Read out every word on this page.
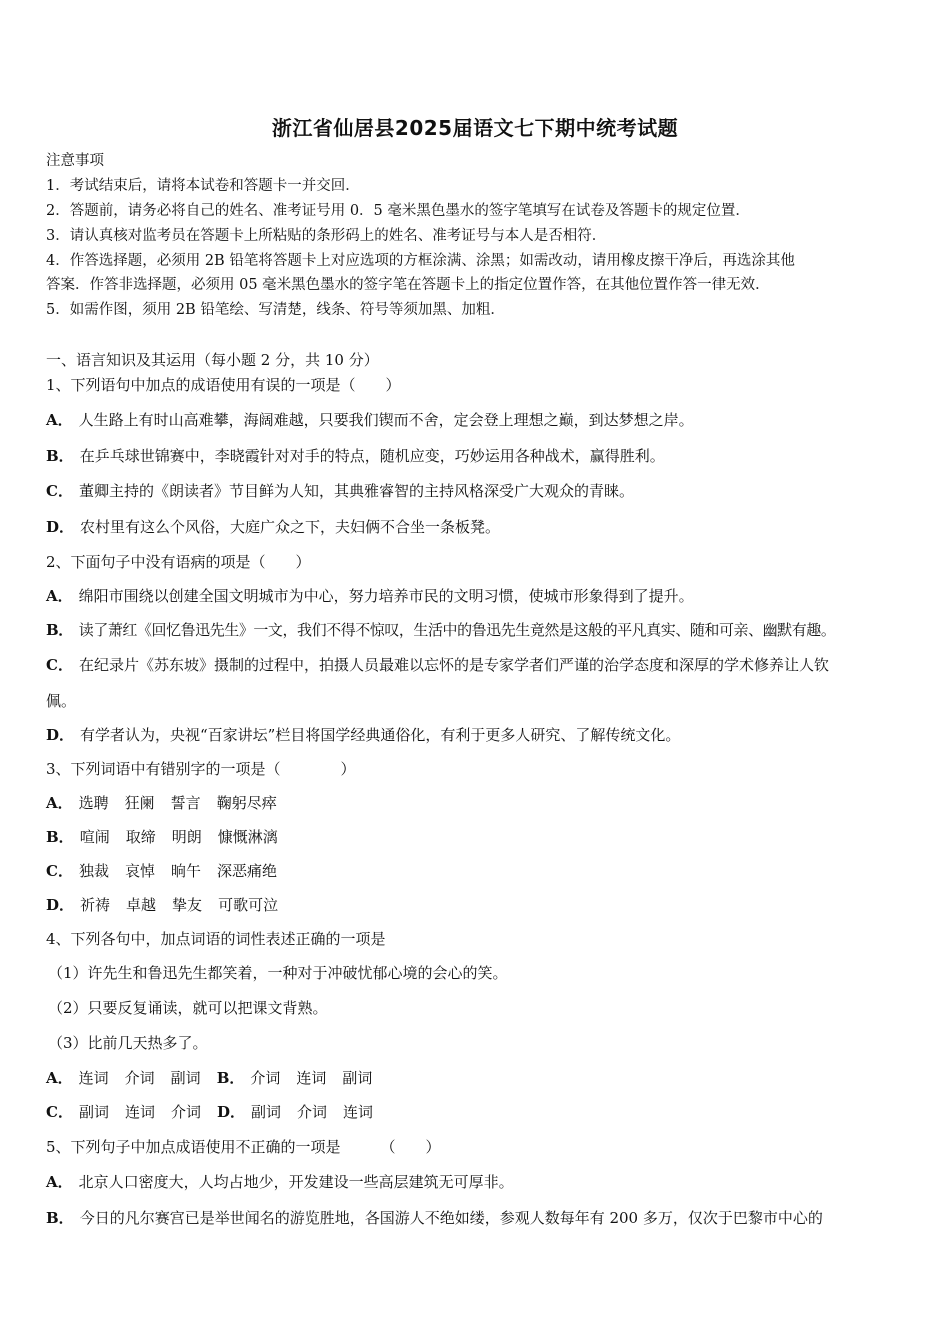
浙江省仙居县2025届语文七下期中统考试题
注意事项
1．考试结束后，请将本试卷和答题卡一并交回．
2．答题前，请务必将自己的姓名、准考证号用 0．5 毫米黑色墨水的签字笔填写在试卷及答题卡的规定位置．
3．请认真核对监考员在答题卡上所粘贴的条形码上的姓名、准考证号与本人是否相符．
4．作答选择题，必须用 2B 铅笔将答题卡上对应选项的方框涂满、涂黑；如需改动，请用橡皮擦干净后，再选涂其他
答案．作答非选择题，必须用 05 毫米黑色墨水的签字笔在答题卡上的指定位置作答，在其他位置作答一律无效．
5．如需作图，须用 2B 铅笔绘、写清楚，线条、符号等须加黑、加粗．
一、语言知识及其运用（每小题 2 分，共 10 分）
1、下列语句中加点的成语使用有误的一项是（　　）
A． 人生路上有时山高难攀，海阔难越，只要我们锲而不舍，定会登上理想之巅，到达梦想之岸。
B． 在乒乓球世锦赛中，李晓霞针对对手的特点，随机应变，巧妙运用各种战术，赢得胜利。
C． 董卿主持的《朗读者》节目鲜为人知，其典雅睿智的主持风格深受广大观众的青睐。
D． 农村里有这么个风俗，大庭广众之下，夫妇俩不合坐一条板凳。
2、下面句子中没有语病的项是（　　）
A． 绵阳市围绕以创建全国文明城市为中心，努力培养市民的文明习惯，使城市形象得到了提升。
B． 读了萧红《回忆鲁迅先生》一文，我们不得不惊叹，生活中的鲁迅先生竟然是这般的平凡真实、随和可亲、幽默有趣。
C． 在纪录片《苏东坡》摄制的过程中，拍摄人员最难以忘怀的是专家学者们严谨的治学态度和深厚的学术修养让人钦
佩。
D． 有学者认为，央视“百家讲坛”栏目将国学经典通俗化，有利于更多人研究、了解传统文化。
3、下列词语中有错别字的一项是（　　　　）
A． 选聘 狂阑 誓言 鞠躬尽瘁
B． 喧闹 取缔 明朗 慷慨淋漓
C． 独裁 哀悼 晌午 深恶痛绝
D． 祈祷 卓越 挚友 可歌可泣
4、下列各句中，加点词语的词性表述正确的一项是
（1）许先生和鲁迅先生都笑着，一种对于冲破忧郁心境的会心的笑。
（2）只要反复诵读，就可以把课文背熟。
（3）比前几天热多了。
A． 连词 介词 副词 B． 介词 连词 副词
C． 副词 连词 介词 D． 副词 介词 连词
5、下列句子中加点成语使用不正确的一项是	（　　）
A． 北京人口密度大，人均占地少，开发建设一些高层建筑无可厚非。
B． 今日的凡尔赛宫已是举世闻名的游览胜地，各国游人不绝如缕，参观人数每年有 200 多万，仅次于巴黎市中心的
